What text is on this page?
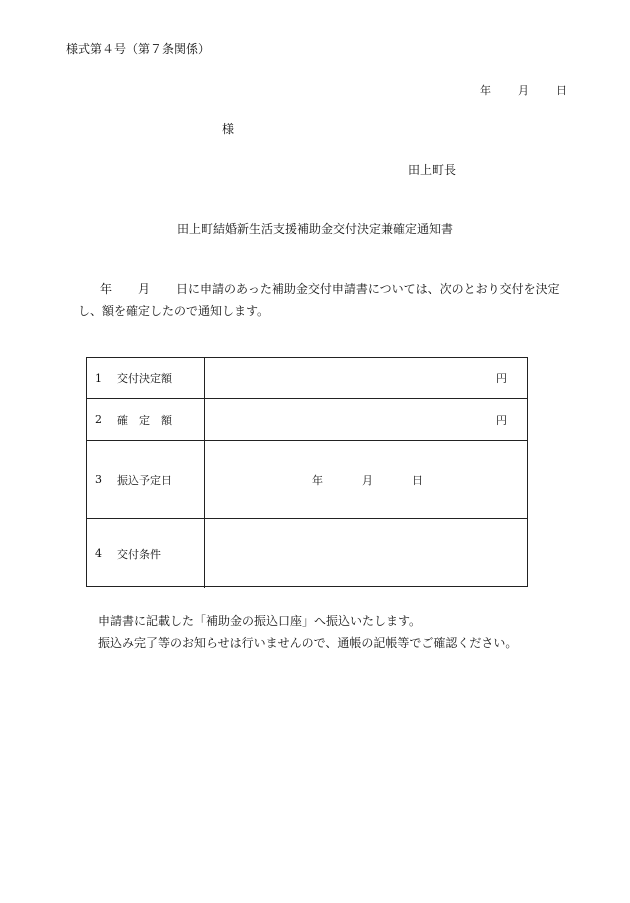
様式第４号（第７条関係）
年 月 日
様
田上町長
田上町結婚新生活支援補助金交付決定兼確定通知書
年 月 日に申請のあった補助金交付申請書については、次のとおり交付を決定
し、額を確定したので通知します。
1	交付決定額	円
2	確　定　額	円
3	振込予定日	年	月	日
4	交付条件
申請書に記載した「補助金の振込口座」へ振込いたします。
振込み完了等のお知らせは行いませんので、通帳の記帳等でご確認ください。
